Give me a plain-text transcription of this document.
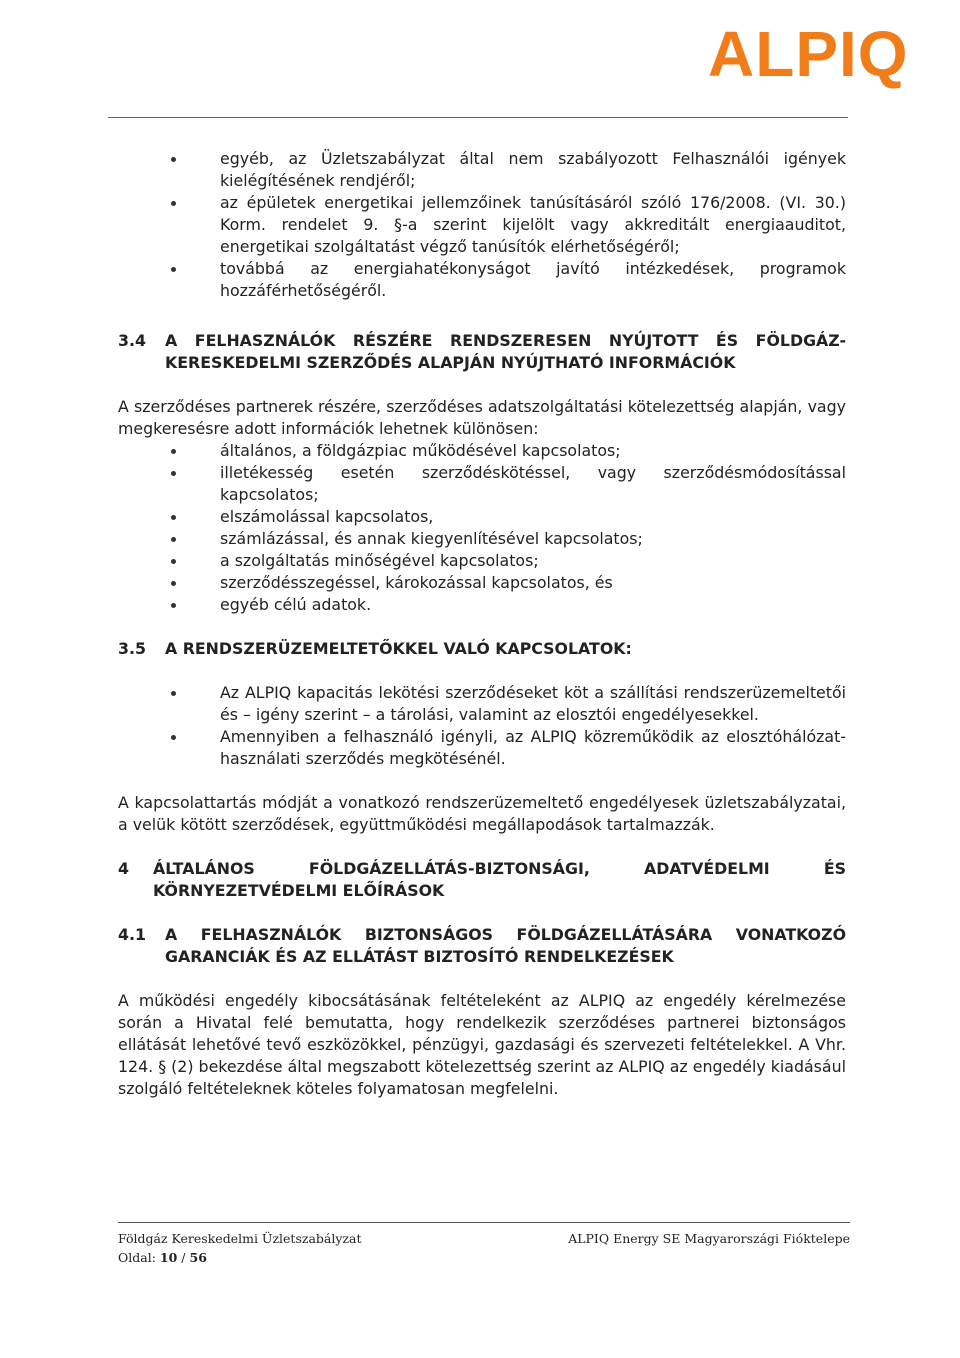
ALPIQ
egyéb, az Üzletszabályzat által nem szabályozott Felhasználói igények kielégítésének rendjéről;
az épületek energetikai jellemzőinek tanúsításáról szóló 176/2008. (VI. 30.) Korm. rendelet 9. §-a szerint kijelölt vagy akkreditált energiaauditot, energetikai szolgáltatást végző tanúsítók elérhetőségéről;
továbbá az energiahatékonyságot javító intézkedések, programok hozzáférhetőségéről.
3.4	A FELHASZNÁLÓK RÉSZÉRE RENDSZERESEN NYÚJTOTT ÉS FÖLDGÁZ-KERESKEDELMI SZERZŐDÉS ALAPJÁN NYÚJTHATÓ INFORMÁCIÓK

A szerződéses partnerek részére, szerződéses adatszolgáltatási kötelezettség alapján, vagy megkeresésre adott információk lehetnek különösen:

általános, a földgázpiac működésével kapcsolatos;
illetékesség esetén szerződéskötéssel, vagy szerződésmódosítással kapcsolatos;
elszámolással kapcsolatos,
számlázással, és annak kiegyenlítésével kapcsolatos;
a szolgáltatás minőségével kapcsolatos;
szerződésszegéssel, károkozással kapcsolatos, és
egyéb célú adatok.
3.5	A RENDSZERÜZEMELTETŐKKEL VALÓ KAPCSOLATOK:
Az ALPIQ kapacitás lekötési szerződéseket köt a szállítási rendszerüzemeltetői és – igény szerint – a tárolási, valamint az elosztói engedélyesekkel.
Amennyiben a felhasználó igényli, az ALPIQ közreműködik az elosztóhálózat-használati szerződés megkötésénél.

A kapcsolattartás módját a vonatkozó rendszerüzemeltető engedélyesek üzletszabályzatai, a velük kötött szerződések, együttműködési megállapodások tartalmazzák.

4	ÁLTALÁNOS FÖLDGÁZELLÁTÁS-BIZTONSÁGI, ADATVÉDELMI ÉS KÖRNYEZETVÉDELMI ELŐÍRÁSOK
4.1	A FELHASZNÁLÓK BIZTONSÁGOS FÖLDGÁZELLÁTÁSÁRA VONATKOZÓ GARANCIÁK ÉS AZ ELLÁTÁST BIZTOSÍTÓ RENDELKEZÉSEK

A működési engedély kibocsátásának feltételeként az ALPIQ az engedély kérelmezése során a Hivatal felé bemutatta, hogy rendelkezik szerződéses partnerei biztonságos ellátását lehetővé tevő eszközökkel, pénzügyi, gazdasági és szervezeti feltételekkel. A Vhr. 124. § (2) bekezdése által megszabott kötelezettség szerint az ALPIQ az engedély kiadásául szolgáló feltételeknek köteles folyamatosan megfelelni.

Földgáz Kereskedelmi Üzletszabályzat
Oldal: 10 / 56
ALPIQ Energy SE Magyarországi Fióktelepe
